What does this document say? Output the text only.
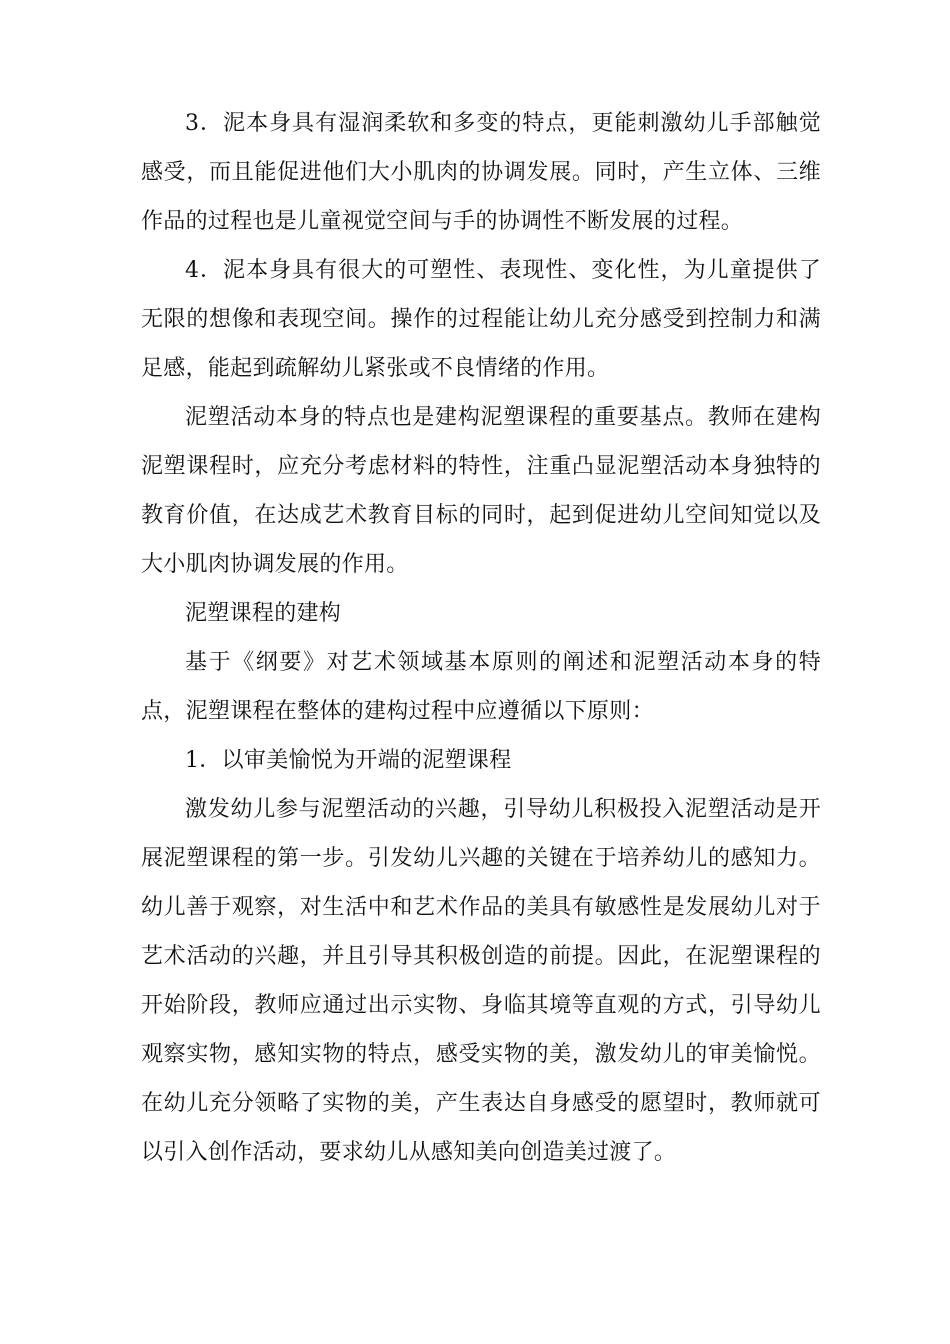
3．泥本身具有湿润柔软和多变的特点，更能刺激幼儿手部触觉感受，而且能促进他们大小肌肉的协调发展。同时，产生立体、三维作品的过程也是儿童视觉空间与手的协调性不断发展的过程。

4．泥本身具有很大的可塑性、表现性、变化性，为儿童提供了无限的想像和表现空间。操作的过程能让幼儿充分感受到控制力和满足感，能起到疏解幼儿紧张或不良情绪的作用。

泥塑活动本身的特点也是建构泥塑课程的重要基点。教师在建构泥塑课程时，应充分考虑材料的特性，注重凸显泥塑活动本身独特的教育价值，在达成艺术教育目标的同时，起到促进幼儿空间知觉以及大小肌肉协调发展的作用。

泥塑课程的建构

基于《纲要》对艺术领域基本原则的阐述和泥塑活动本身的特点，泥塑课程在整体的建构过程中应遵循以下原则：

1．以审美愉悦为开端的泥塑课程

激发幼儿参与泥塑活动的兴趣，引导幼儿积极投入泥塑活动是开展泥塑课程的第一步。引发幼儿兴趣的关键在于培养幼儿的感知力。幼儿善于观察，对生活中和艺术作品的美具有敏感性是发展幼儿对于艺术活动的兴趣，并且引导其积极创造的前提。因此，在泥塑课程的开始阶段，教师应通过出示实物、身临其境等直观的方式，引导幼儿观察实物，感知实物的特点，感受实物的美，激发幼儿的审美愉悦。在幼儿充分领略了实物的美，产生表达自身感受的愿望时，教师就可以引入创作活动，要求幼儿从感知美向创造美过渡了。
